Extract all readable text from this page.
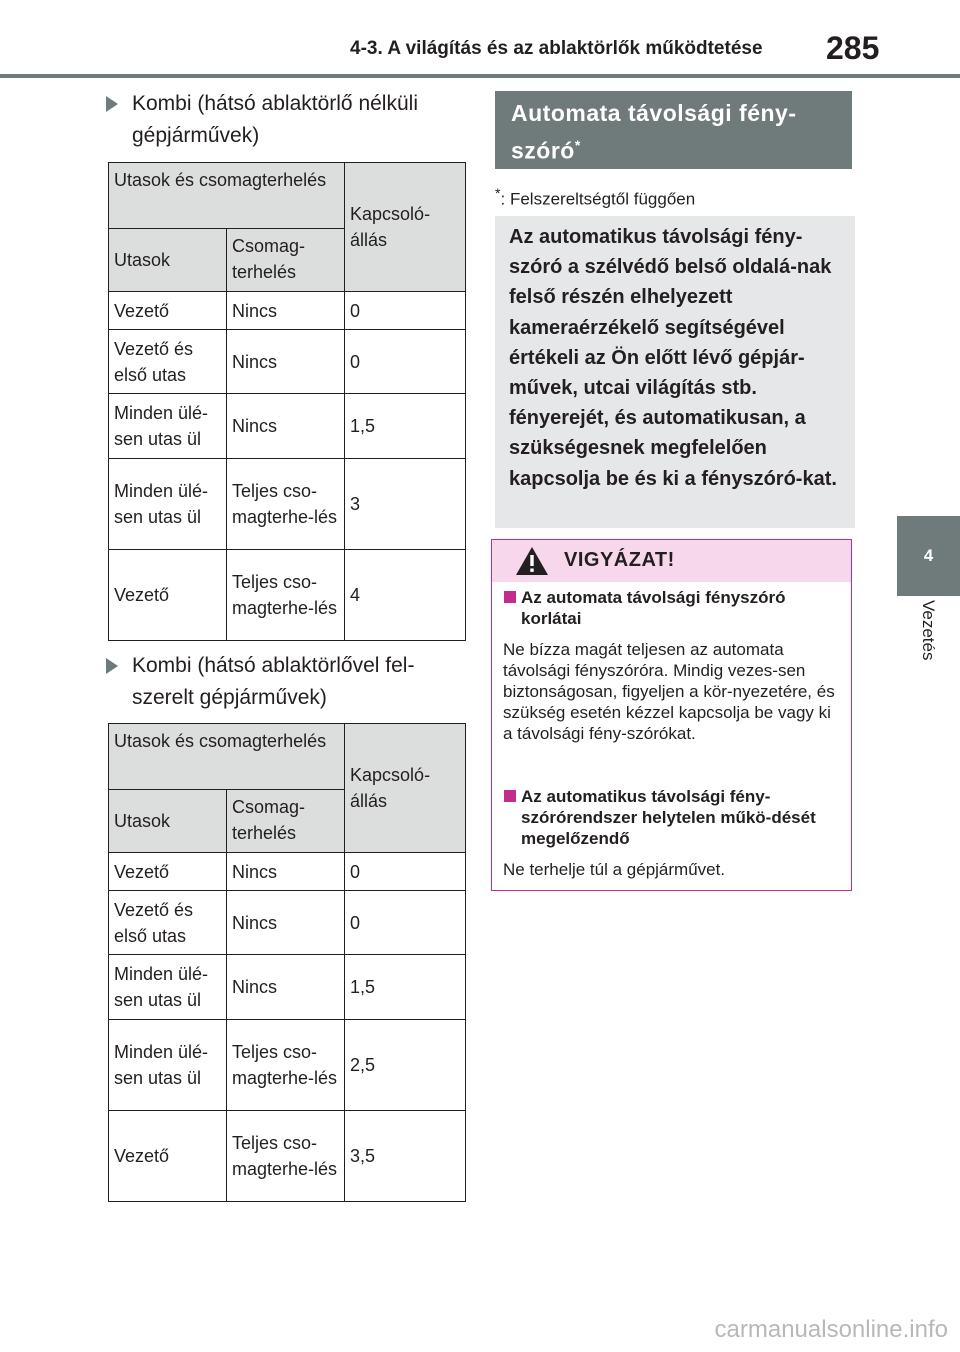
4-3. A világítás és az ablaktörlők működtetése	285
4
Vezetés
Kombi (hátsó ablaktörlő nélküli
gépjárművek)
Utasok és csomagterhelés		Kapcsoló-állás
Utasok	Csomag-terhelés	
Vezető	Nincs	0
Vezető és első utas	Nincs	0
Minden ülé-sen utas ül	Nincs	1,5
Minden ülé-sen utas ül	Teljes cso-magterhe-lés	3
Vezető	Teljes cso-magterhe-lés	4
Kombi (hátsó ablaktörlővel fel-
szerelt gépjárművek)
Utasok és csomagterhelés		Kapcsoló-állás
Utasok	Csomag-terhelés	
Vezető	Nincs	0
Vezető és első utas	Nincs	0
Minden ülé-sen utas ül	Nincs	1,5
Minden ülé-sen utas ül	Teljes cso-magterhe-lés	2,5
Vezető	Teljes cso-magterhe-lés	3,5
Automata távolsági fény-
szóró*
*: Felszereltségtől függően
Az automatikus távolsági fény-szóró a szélvédő belső oldalá-nak felső részén elhelyezett kameraérzékelő segítségével értékeli az Ön előtt lévő gépjár-művek, utcai világítás stb. fényerejét, és automatikusan, a szükségesnek megfelelően kapcsolja be és ki a fényszóró-kat.
VIGYÁZAT!
Az automata távolsági fényszóró korlátai
Ne bízza magát teljesen az automata távolsági fényszóróra. Mindig vezes-sen biztonságosan, figyeljen a kör-nyezetére, és szükség esetén kézzel kapcsolja be vagy ki a távolsági fény-szórókat.
Az automatikus távolsági fény-szórórendszer helytelen műkö-dését megelőzendő
Ne terhelje túl a gépjárművet.
carmanualsonline.info
